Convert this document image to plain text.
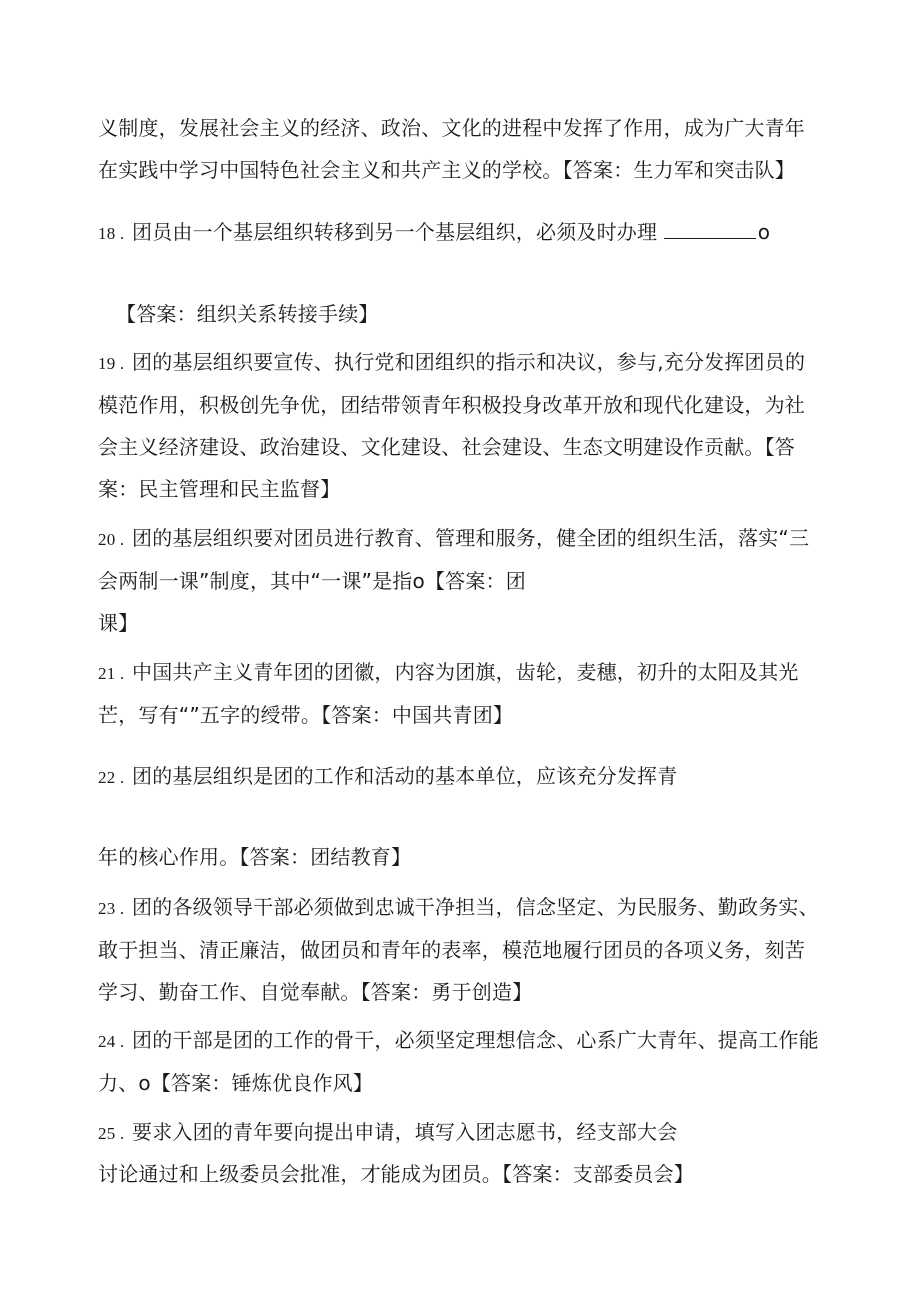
义制度，发展社会主义的经济、政治、文化的进程中发挥了作用，成为广大青年
在实践中学习中国特色社会主义和共产主义的学校。【答案：生力军和突击队】
18 . 团员由一个基层组织转移到另一个基层组织，必须及时办理	o
【答案：组织关系转接手续】
19 . 团的基层组织要宣传、执行党和团组织的指示和决议，参与,充分发挥团员的
模范作用，积极创先争优，团结带领青年积极投身改革开放和现代化建设，为社
会主义经济建设、政治建设、文化建设、社会建设、生态文明建设作贡献。【答
案：民主管理和民主监督】
20 . 团的基层组织要对团员进行教育、管理和服务，健全团的组织生活，落实“三
会两制一课”制度，其中“一课”是指o【答案：团
课】
21 . 中国共产主义青年团的团徽，内容为团旗，齿轮，麦穗，初升的太阳及其光
芒，写有“”五字的绶带。【答案：中国共青团】
22 . 团的基层组织是团的工作和活动的基本单位，应该充分发挥青
年的核心作用。【答案：团结教育】
23 . 团的各级领导干部必须做到忠诚干净担当，信念坚定、为民服务、勤政务实、
敢于担当、清正廉洁，做团员和青年的表率，模范地履行团员的各项义务，刻苦
学习、勤奋工作、自觉奉献。【答案：勇于创造】
24 . 团的干部是团的工作的骨干，必须坚定理想信念、心系广大青年、提高工作能
力、o【答案：锤炼优良作风】
25 . 要求入团的青年要向提出申请，填写入团志愿书，经支部大会
讨论通过和上级委员会批准，才能成为团员。【答案：支部委员会】
